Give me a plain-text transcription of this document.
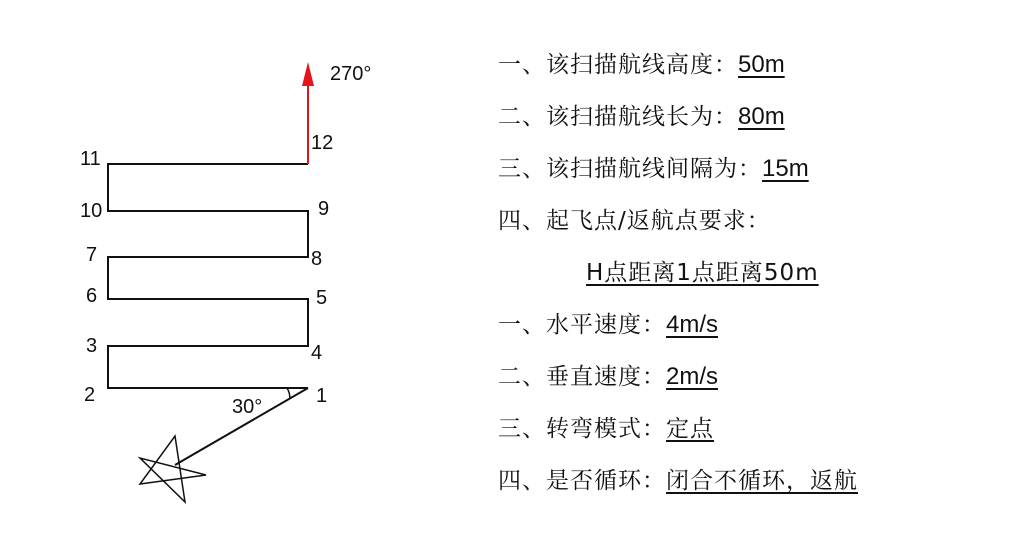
270°
30°	1
2
3	4
5
6
7	8
9
10
11
12
一、该扫描航线高度：50m
二、该扫描航线长为：80m
三、该扫描航线间隔为：15m
四、起飞点/返航点要求：
H点距离1点距离50m
一、水平速度：4m/s
二、垂直速度：2m/s
三、转弯模式：定点
四、是否循环：闭合不循环，返航
